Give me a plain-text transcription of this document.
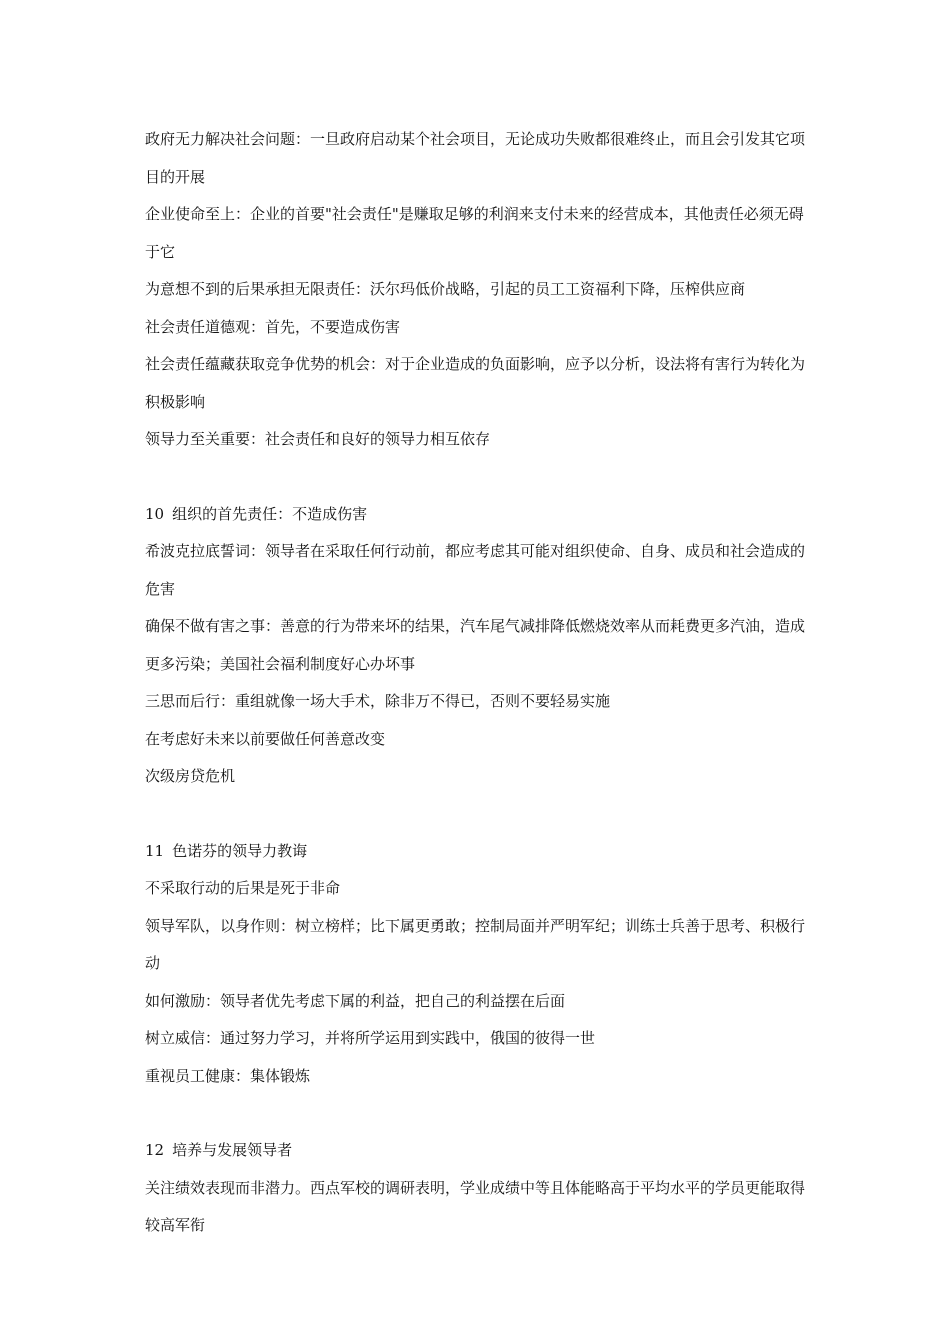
政府无力解决社会问题：一旦政府启动某个社会项目，无论成功失败都很难终止，而且会引发其它项目的开展

企业使命至上：企业的首要"社会责任"是赚取足够的利润来支付未来的经营成本，其他责任必须无碍于它

为意想不到的后果承担无限责任：沃尔玛低价战略，引起的员工工资福利下降，压榨供应商

社会责任道德观：首先，不要造成伤害

社会责任蕴藏获取竞争优势的机会：对于企业造成的负面影响，应予以分析，设法将有害行为转化为积极影响

领导力至关重要：社会责任和良好的领导力相互依存

10 组织的首先责任：不造成伤害

希波克拉底誓词：领导者在采取任何行动前，都应考虑其可能对组织使命、自身、成员和社会造成的危害

确保不做有害之事：善意的行为带来坏的结果，汽车尾气减排降低燃烧效率从而耗费更多汽油，造成更多污染；美国社会福利制度好心办坏事

三思而后行：重组就像一场大手术，除非万不得已，否则不要轻易实施

在考虑好未来以前要做任何善意改变

次级房贷危机

11 色诺芬的领导力教诲

不采取行动的后果是死于非命

领导军队，以身作则：树立榜样；比下属更勇敢；控制局面并严明军纪；训练士兵善于思考、积极行动

如何激励：领导者优先考虑下属的利益，把自己的利益摆在后面

树立威信：通过努力学习，并将所学运用到实践中，俄国的彼得一世

重视员工健康：集体锻炼

12 培养与发展领导者

关注绩效表现而非潜力。西点军校的调研表明，学业成绩中等且体能略高于平均水平的学员更能取得较高军衔
